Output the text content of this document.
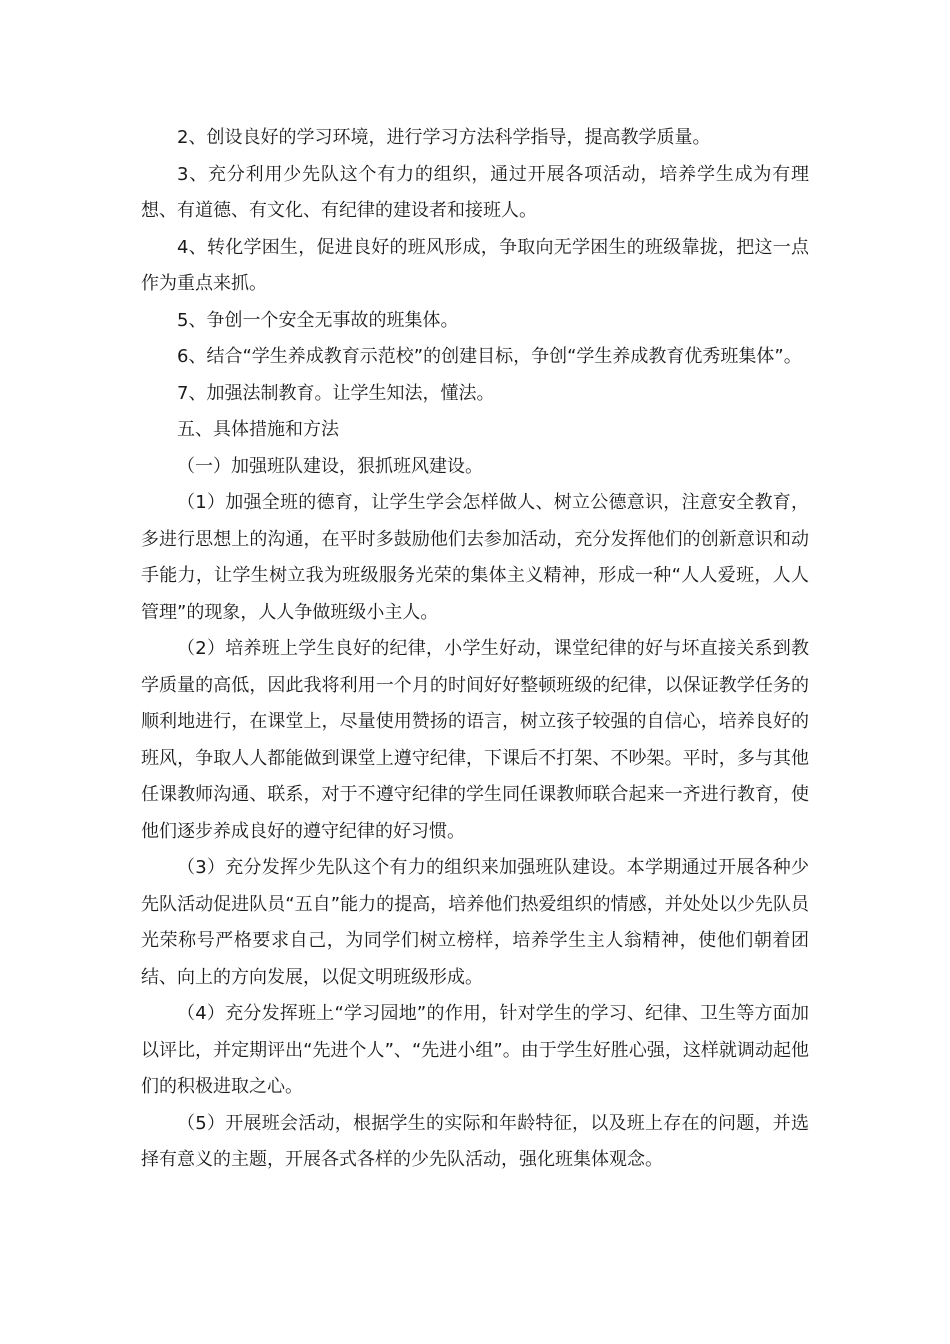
2、创设良好的学习环境，进行学习方法科学指导，提高教学质量。

3、充分利用少先队这个有力的组织，通过开展各项活动，培养学生成为有理想、有道德、有文化、有纪律的建设者和接班人。

4、转化学困生，促进良好的班风形成，争取向无学困生的班级靠拢，把这一点作为重点来抓。

5、争创一个安全无事故的班集体。

6、结合“学生养成教育示范校”的创建目标，争创“学生养成教育优秀班集体”。

7、加强法制教育。让学生知法，懂法。

五、具体措施和方法

（一）加强班队建设，狠抓班风建设。

（1）加强全班的德育，让学生学会怎样做人、树立公德意识，注意安全教育，多进行思想上的沟通，在平时多鼓励他们去参加活动，充分发挥他们的创新意识和动手能力，让学生树立我为班级服务光荣的集体主义精神，形成一种“人人爱班，人人管理”的现象，人人争做班级小主人。

（2）培养班上学生良好的纪律，小学生好动，课堂纪律的好与坏直接关系到教学质量的高低，因此我将利用一个月的时间好好整顿班级的纪律，以保证教学任务的顺利地进行，在课堂上，尽量使用赞扬的语言，树立孩子较强的自信心，培养良好的班风，争取人人都能做到课堂上遵守纪律，下课后不打架、不吵架。平时，多与其他任课教师沟通、联系，对于不遵守纪律的学生同任课教师联合起来一齐进行教育，使他们逐步养成良好的遵守纪律的好习惯。

（3）充分发挥少先队这个有力的组织来加强班队建设。本学期通过开展各种少先队活动促进队员“五自”能力的提高，培养他们热爱组织的情感，并处处以少先队员光荣称号严格要求自己，为同学们树立榜样，培养学生主人翁精神，使他们朝着团结、向上的方向发展，以促文明班级形成。

（4）充分发挥班上“学习园地”的作用，针对学生的学习、纪律、卫生等方面加以评比，并定期评出“先进个人”、“先进小组”。由于学生好胜心强，这样就调动起他们的积极进取之心。

（5）开展班会活动，根据学生的实际和年龄特征，以及班上存在的问题，并选择有意义的主题，开展各式各样的少先队活动，强化班集体观念。
